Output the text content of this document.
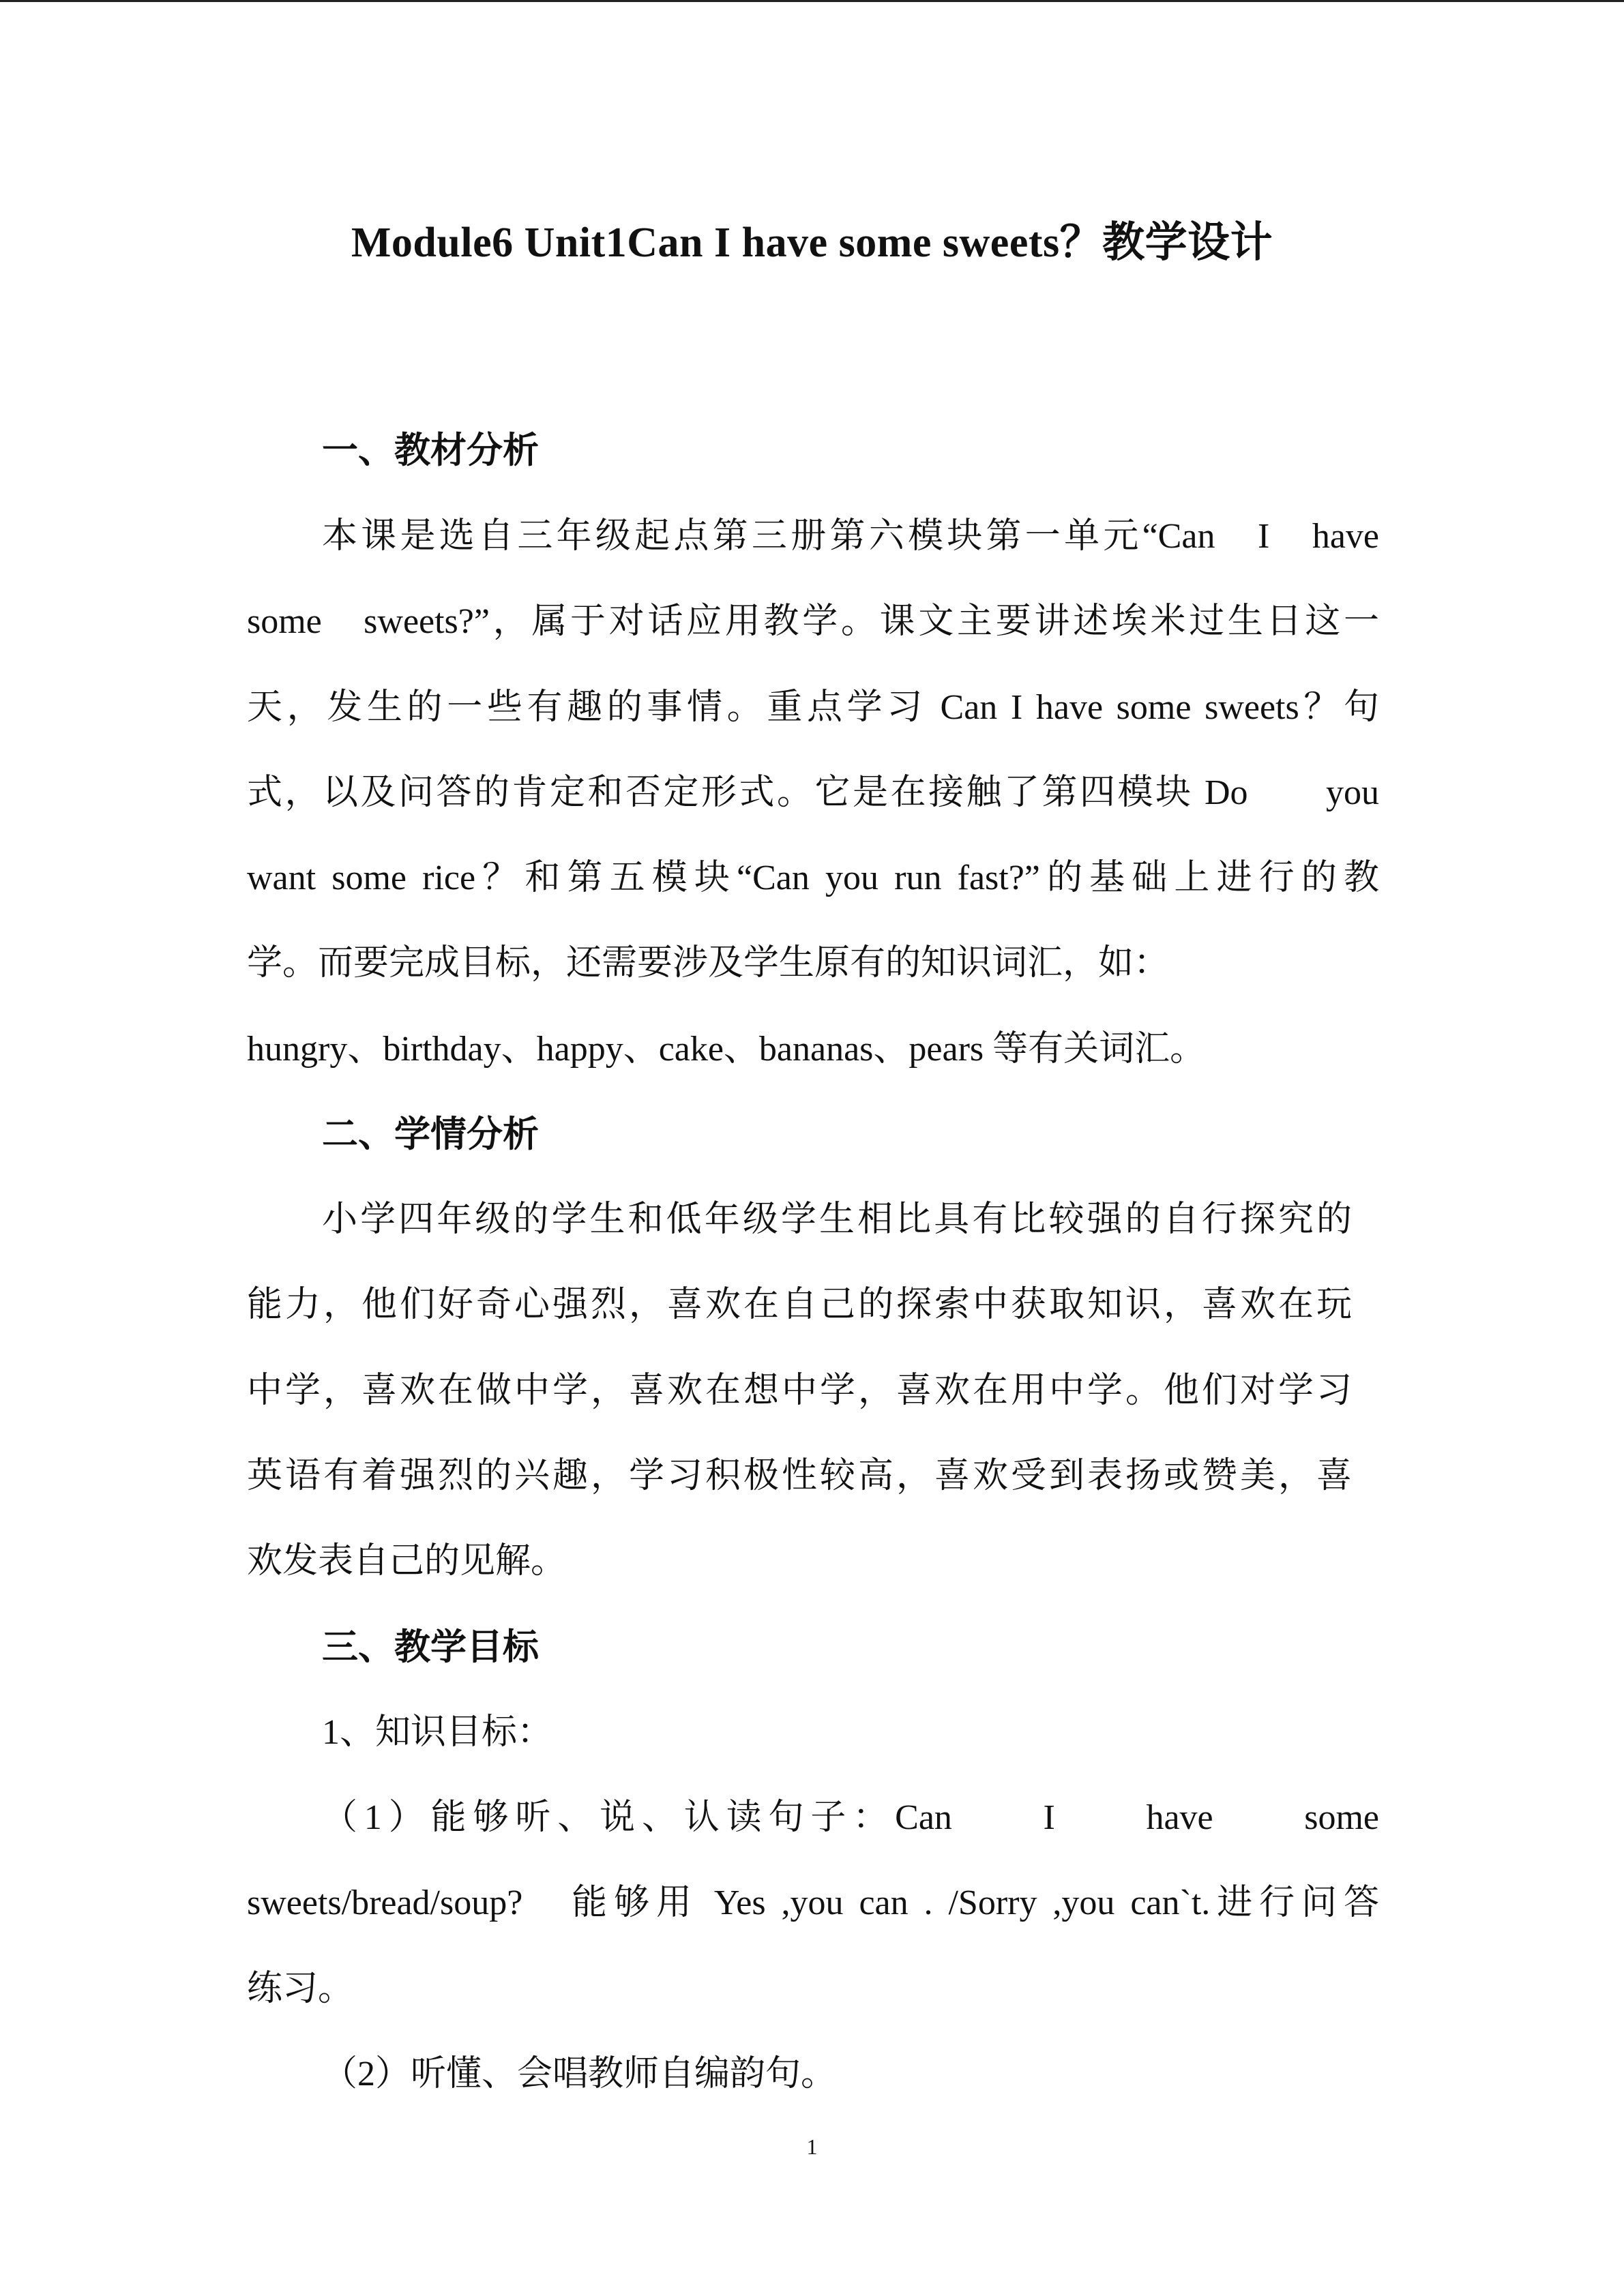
Module6 Unit1Can I have some sweets？教学设计
一、教材分析
本课是选自三年级起点第三册第六模块第一单元“Can　I　have
some　sweets?”，属于对话应用教学。课文主要讲述埃米过生日这一
天，发生的一些有趣的事情。重点学习 Can I have some sweets？句
式，以及问答的肯定和否定形式。它是在接触了第四模块 Do　　you
want some rice？和第五模块“Can you run fast?”的基础上进行的教
学。而要完成目标，还需要涉及学生原有的知识词汇，如：
hungry、birthday、happy、cake、bananas、pears 等有关词汇。
二、学情分析
小学四年级的学生和低年级学生相比具有比较强的自行探究的
能力，他们好奇心强烈，喜欢在自己的探索中获取知识，喜欢在玩
中学，喜欢在做中学，喜欢在想中学，喜欢在用中学。他们对学习
英语有着强烈的兴趣，学习积极性较高，喜欢受到表扬或赞美，喜
欢发表自己的见解。
三、教学目标
1、知识目标：
（1）能够听、说、认读句子：Can　　I　　have　　some
sweets/bread/soup?　能够用 Yes ,you can . /Sorry ,you can`t.进行问答
练习。
（2）听懂、会唱教师自编韵句。
1
